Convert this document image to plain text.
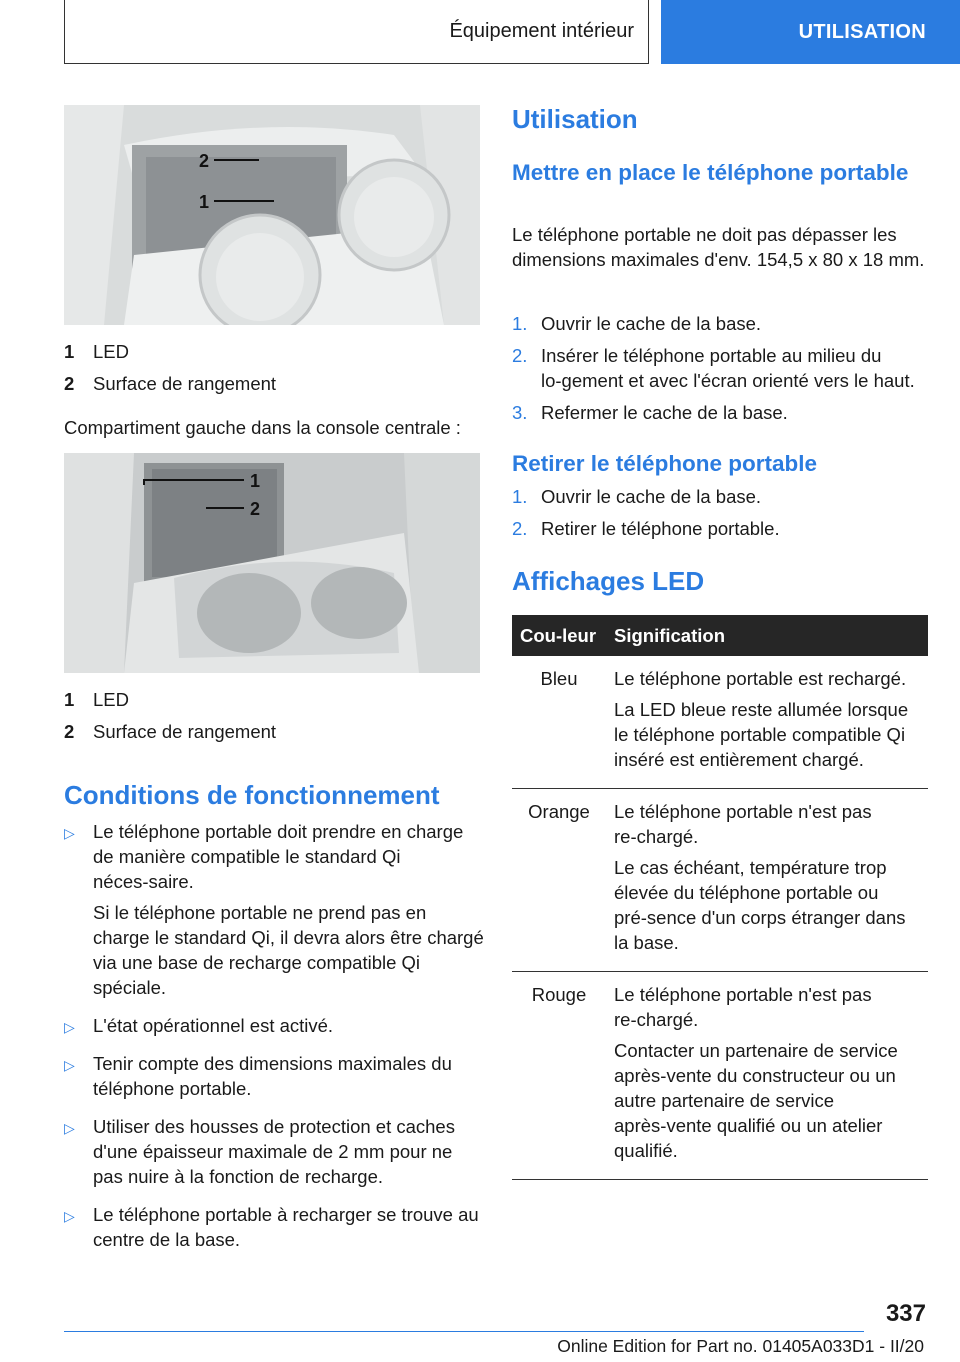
Équipement intérieur	UTILISATION
2
1
1	LED
2	Surface de rangement
Compartiment gauche dans la console centrale :
1
2
1	LED
2	Surface de rangement
Conditions de fonctionnement
▷ Le téléphone portable doit prendre en charge de manière compatible le standard Qi néces‑saire.

Si le téléphone portable ne prend pas en charge le standard Qi, il devra alors être chargé via une base de recharge compatible Qi spéciale.

▷ L'état opérationnel est activé.

▷ Tenir compte des dimensions maximales du téléphone portable.

▷ Utiliser des housses de protection et caches d'une épaisseur maximale de 2 mm pour ne pas nuire à la fonction de recharge.

▷ Le téléphone portable à recharger se trouve au centre de la base.

Utilisation
Mettre en place le téléphone portable
Le téléphone portable ne doit pas dépasser les dimensions maximales d'env. 154,5 x 80 x 18 mm.
1. Ouvrir le cache de la base.
2. Insérer le téléphone portable au milieu du lo‑gement et avec l'écran orienté vers le haut.
3. Refermer le cache de la base.
Retirer le téléphone portable
1. Ouvrir le cache de la base.
2. Retirer le téléphone portable.
Affichages LED
Cou‑leur	Signification
Bleu	Le téléphone portable est rechargé.

La LED bleue reste allumée lorsque le téléphone portable compatible Qi inséré est entièrement chargé.

Orange	Le téléphone portable n'est pas re‑chargé.

Le cas échéant, température trop élevée du téléphone portable ou pré‑sence d'un corps étranger dans la base.

Rouge	Le téléphone portable n'est pas re‑chargé.

Contacter un partenaire de service après‑vente du constructeur ou un autre partenaire de service après‑vente qualifié ou un atelier qualifié.

337
Online Edition for Part no. 01405A033D1 - II/20
